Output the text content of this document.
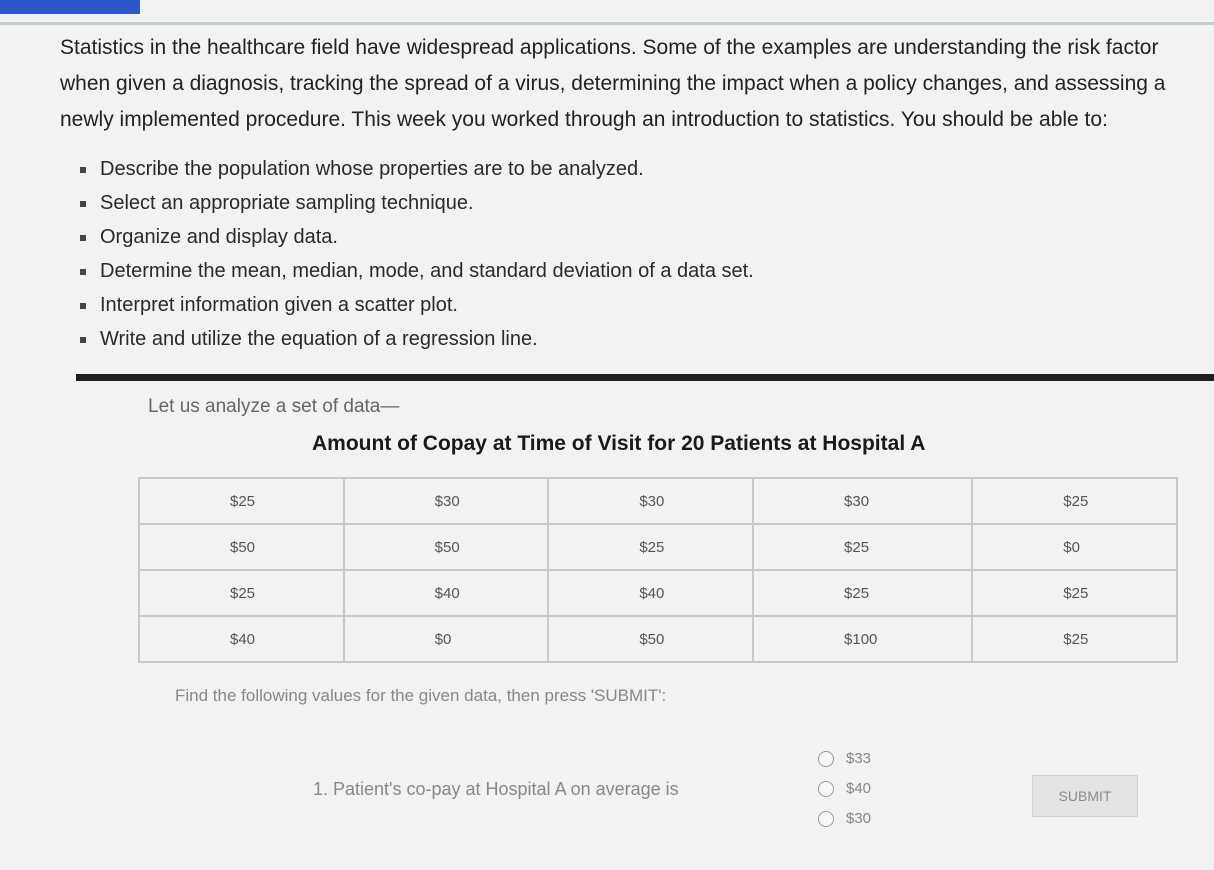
Statistics in the healthcare field have widespread applications. Some of the examples are understanding the risk factor

when given a diagnosis, tracking the spread of a virus, determining the impact when a policy changes, and assessing a

newly implemented procedure. This week you worked through an introduction to statistics. You should be able to:

Describe the population whose properties are to be analyzed.
Select an appropriate sampling technique.
Organize and display data.
Determine the mean, median, mode, and standard deviation of a data set.
Interpret information given a scatter plot.
Write and utilize the equation of a regression line.
Let us analyze a set of data—
Amount of Copay at Time of Visit for 20 Patients at Hospital A
$25	$30	$30	$30	$25
$50	$50	$25	$25	$0
$25	$40	$40	$25	$25
$40	$0	$50	$100	$25
Find the following values for the given data, then press 'SUBMIT':
1. Patient's co-pay at Hospital A on average is
$33
$40
$30
SUBMIT
